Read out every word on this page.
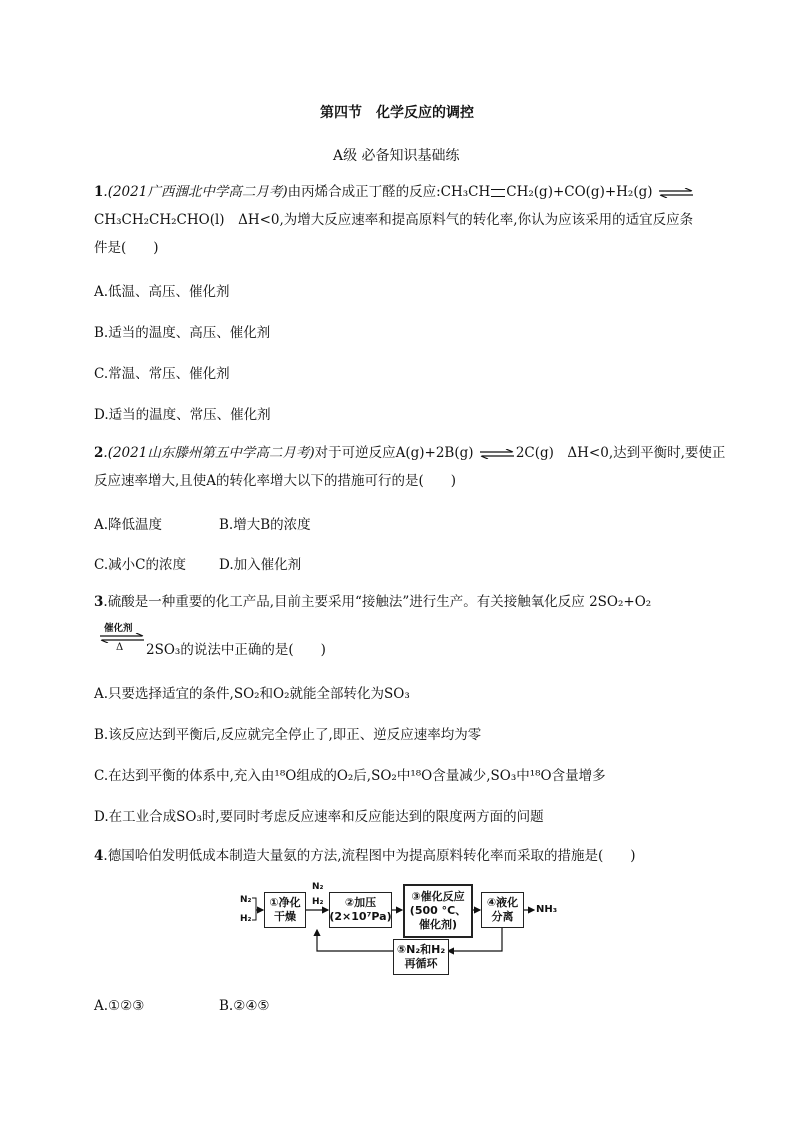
第四节　化学反应的调控
A级 必备知识基础练
1.(2021广西涠北中学高二月考)由丙烯合成正丁醛的反应:CH₃CH CH₂(g)+CO(g)+H₂(g) ⇌
CH₃CH₂CH₂CHO(l)　ΔH<0,为增大反应速率和提高原料气的转化率,你认为应该采用的适宜反应条
件是(　　)
A.低温、高压、催化剂
B.适当的温度、高压、催化剂
C.常温、常压、催化剂
D.适当的温度、常压、催化剂
2.(2021山东滕州第五中学高二月考)对于可逆反应A(g)+2B(g) ⇌2C(g)　ΔH<0,达到平衡时,要使正
反应速率增大,且使A的转化率增大以下的措施可行的是(　　)
A.降低温度	B.增大B的浓度
C.减小C的浓度 D.加入催化剂
3.硫酸是一种重要的化工产品,目前主要采用“接触法”进行生产。有关接触氧化反应 2SO₂+O₂
催化剂
Δ 2SO₃的说法中正确的是(　　)
A.只要选择适宜的条件,SO₂和O₂就能全部转化为SO₃
B.该反应达到平衡后,反应就完全停止了,即正、逆反应速率均为零
C.在达到平衡的体系中,充入由¹⁸O组成的O₂后,SO₂中¹⁸O含量减少,SO₃中¹⁸O含量增多
D.在工业合成SO₃时,要同时考虑反应速率和反应能达到的限度两方面的问题
4.德国哈伯发明低成本制造大量氨的方法,流程图中为提高原料转化率而采取的措施是(　　)
N₂
H₂
①净化
干燥
N₂
H₂ ②加压
(2×10⁷Pa)
③催化反应
(500 °C、
催化剂)
④液化
分离
NH₃
⑤N₂和H₂
再循环
A.①②③	B.②④⑤
